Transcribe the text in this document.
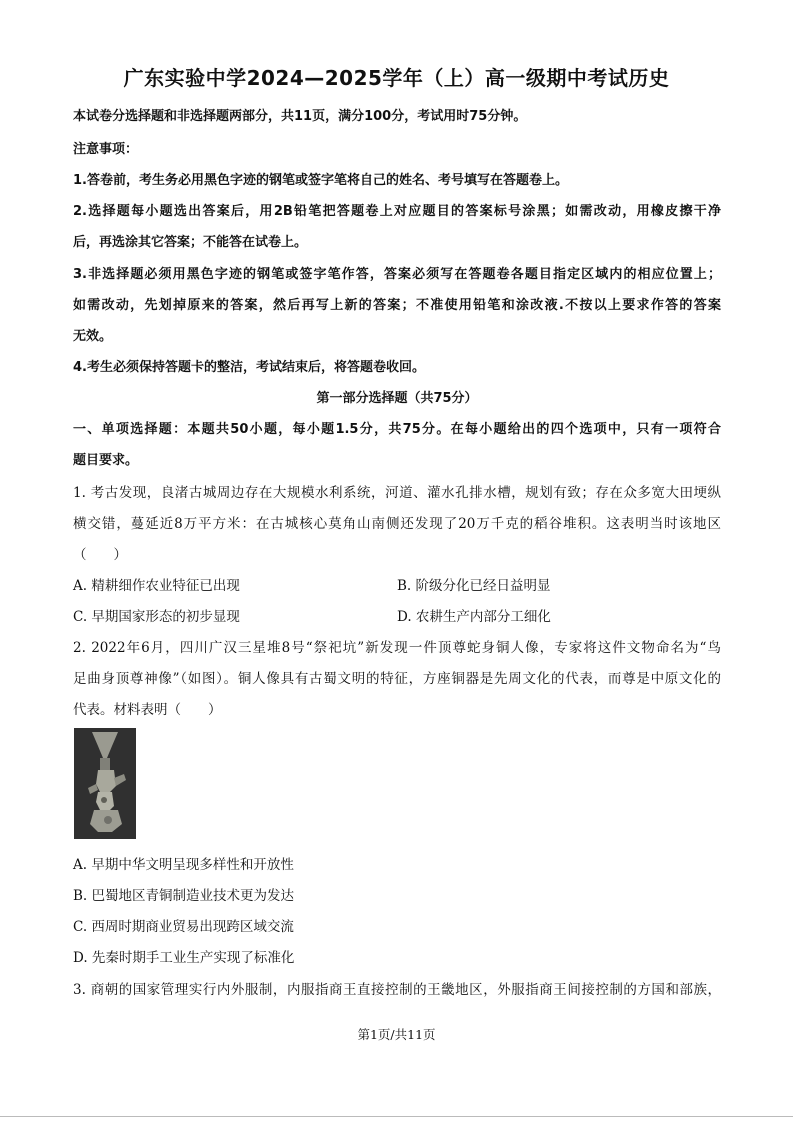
广东实验中学2024—2025学年（上）高一级期中考试历史
本试卷分选择题和非选择题两部分，共11页，满分100分，考试用时75分钟。
注意事项：
1.答卷前，考生务必用黑色字迹的钢笔或签字笔将自己的姓名、考号填写在答题卷上。
2.选择题每小题选出答案后，用2B铅笔把答题卷上对应题目的答案标号涂黑；如需改动，用橡皮擦干净
后，再选涂其它答案；不能答在试卷上。
3.非选择题必须用黑色字迹的钢笔或签字笔作答，答案必须写在答题卷各题目指定区域内的相应位置上；
如需改动，先划掉原来的答案，然后再写上新的答案；不准使用铅笔和涂改液.不按以上要求作答的答案
无效。
4.考生必须保持答题卡的整洁，考试结束后，将答题卷收回。
第一部分选择题（共75分）
一、单项选择题：本题共50小题，每小题1.5分，共75分。在每小题给出的四个选项中，只有一项符合
题目要求。
1. 考古发现，良渚古城周边存在大规模水利系统，河道、灌水孔排水槽，规划有致；存在众多宽大田埂纵
横交错，蔓延近8万平方米：在古城核心莫角山南侧还发现了20万千克的稻谷堆积。这表明当时该地区
（　　）
A. 精耕细作农业特征已出现	B. 阶级分化已经日益明显
C. 早期国家形态的初步显现	D. 农耕生产内部分工细化
2. 2022年6月，四川广汉三星堆8号“祭祀坑”新发现一件顶尊蛇身铜人像，专家将这件文物命名为“鸟
足曲身顶尊神像”（如图）。铜人像具有古蜀文明的特征，方座铜器是先周文化的代表，而尊是中原文化的
代表。材料表明（　　）
A. 早期中华文明呈现多样性和开放性
B. 巴蜀地区青铜制造业技术更为发达
C. 西周时期商业贸易出现跨区域交流
D. 先秦时期手工业生产实现了标准化
3. 商朝的国家管理实行内外服制，内服指商王直接控制的王畿地区，外服指商王间接控制的方国和部族，
第1页/共11页
